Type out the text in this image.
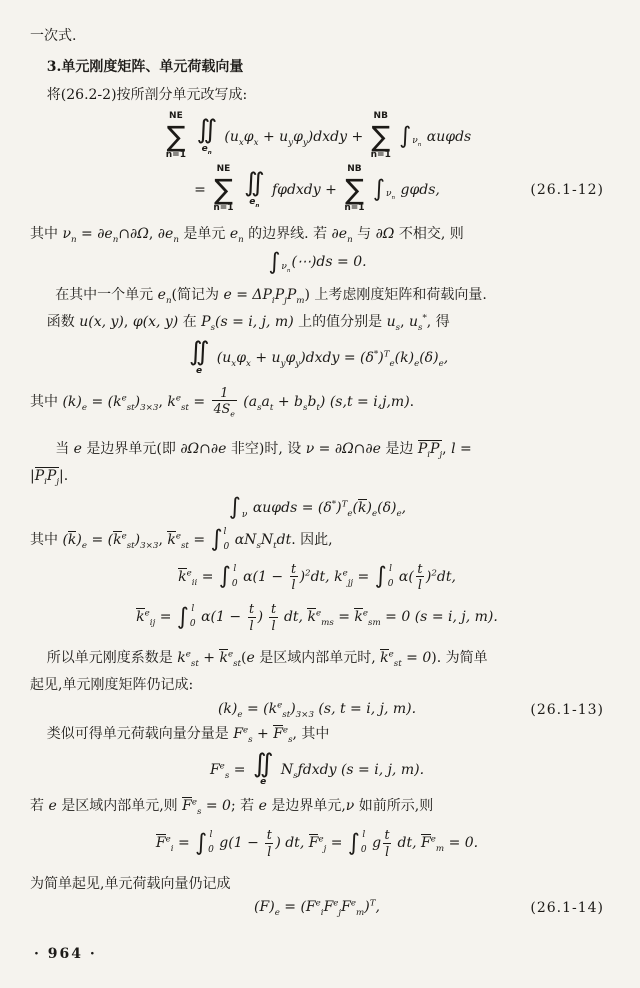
一次式.
3.单元刚度矩阵、单元荷载向量
将(26.2-2)按所剖分单元改写成:
NE
∑
n=1

∬
$e_n$
($u_x\varphi_x$ + $u_y\varphi_y)dxdy$ +
NB
∑
n=1

∫ $\nu_n$
αuφds
=
NE
∑
n=1

∬
$e_n$
fφdxdy +
NB
∑
n=1

∫ $\nu_n$
gφds,	(26.1-12)
其中 $\nu_n$ = $\partial e_n\cap\partial\Omega$, $\partial e_n$ 是单元 $e_n$ 的边界线. 若 $\partial e_n$ 与 ∂Ω 不相交, 则
∫ $\nu_n$
(⋯)ds = 0.
在其中一个单元 $e_n$(简记为 $e = \Delta P_iP_jP_m$) 上考虑刚度矩阵和荷载向量.
函数 u(x, y), φ(x, y) 在 $P_s(s = i$, j, m) 上的值分别是 $u_s$, $u_s^*$, 得
∬
e
($u_x\varphi_x$ + $u_y\varphi_y)dxdy = (\delta^*)^T_e(k)_e(\delta)_e$,
其中 $(k)_e = (k^e_{st})_{3\times 3}$, $k^e_{st} = \frac{1}{4S_e} (a_sa_t + b_sb_t) (s,t = i,j,m)$.
当 e 是边界单元(即 ∂Ω∩∂e 非空)时, 设 ν = ∂Ω∩∂e 是边 $P_iP_j$, l =
$|P_iP_j|$.
∫ ν $\alpha u\varphi ds = (\delta^*)^T_e(k)_e(\delta)_e$,
其中 $(k)_e = (k^e_{st})_{3\times 3}$, $k^e_{st}$ = ∫ l
0 $\alpha N_sN_tdt$. 因此,
$k^e_{ii}$ = ∫ l
0 $\alpha(1 - \frac{t}{l} )^2dt$, $k^e_{jj}$ = ∫ l
0 $\alpha( \frac{t}{l} )^2dt$,
$k^e_{ij}$ = ∫ l
0 $\alpha(1 - \frac{t}{l}$ ) $\frac{t}{l}$ dt, $k^e_{ms} = k^e_{sm} = 0$ (s = i, j, m).
所以单元刚度系数是 $k^e_{st} + k^e_{st}(e$ 是区域内部单元时, $k^e_{st} = 0$). 为简单
起见,单元刚度矩阵仍记成:
$(k)_e = (k^e_{st})_{3\times 3}$ (s, t = i, j, m).	(26.1-13)
类似可得单元荷载向量分量是 $F^e_s + F^e_s$, 其中
$F^e_s$ = ∬
e
$N_sfdxdy$ (s = i, j, m).
若 e 是区域内部单元,则 $F^e_s = 0$; 若 e 是边界单元,ν 如前所示,则
$F^e_i$ = ∫ l
0 $g(1 - \frac{t}{l}$ ) dt, $F^e_j$ = ∫ l
0 g $\frac{t}{l}$ dt, $F^e_m = 0$.
为简单起见,单元荷载向量仍记成
$(F)_e = (F^e_iF^e_jF^e_m)^T$,	(26.1-14)
· 964 ·
